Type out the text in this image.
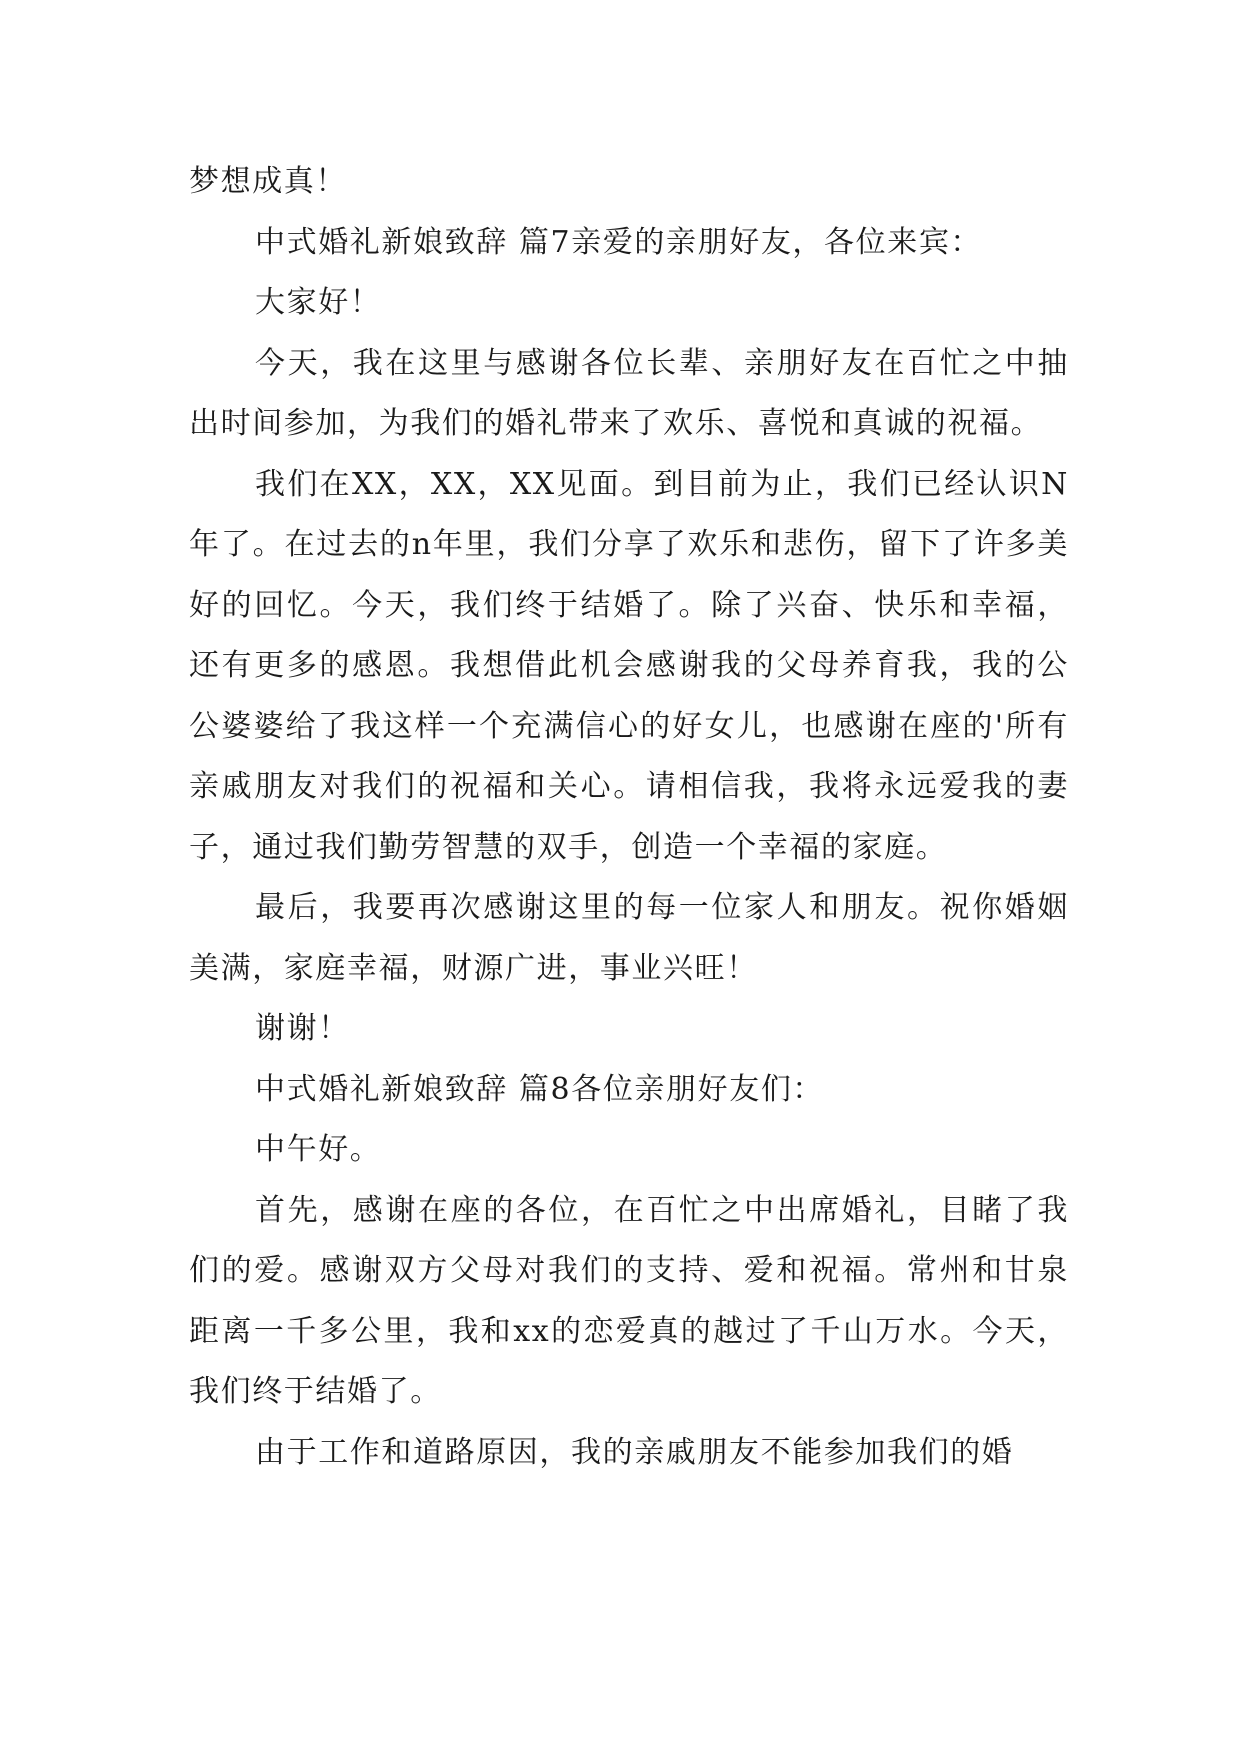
梦想成真！

中式婚礼新娘致辞 篇7亲爱的亲朋好友，各位来宾：

大家好！

今天，我在这里与感谢各位长辈、亲朋好友在百忙之中抽出时间参加，为我们的婚礼带来了欢乐、喜悦和真诚的祝福。

我们在XX，XX，XX见面。到目前为止，我们已经认识N年了。在过去的n年里，我们分享了欢乐和悲伤，留下了许多美好的回忆。今天，我们终于结婚了。除了兴奋、快乐和幸福，还有更多的感恩。我想借此机会感谢我的父母养育我，我的公公婆婆给了我这样一个充满信心的好女儿，也感谢在座的'所有亲戚朋友对我们的祝福和关心。请相信我，我将永远爱我的妻子，通过我们勤劳智慧的双手，创造一个幸福的家庭。

最后，我要再次感谢这里的每一位家人和朋友。祝你婚姻美满，家庭幸福，财源广进，事业兴旺！

谢谢！

中式婚礼新娘致辞 篇8各位亲朋好友们：

中午好。

首先，感谢在座的各位，在百忙之中出席婚礼，目睹了我们的爱。感谢双方父母对我们的支持、爱和祝福。常州和甘泉距离一千多公里，我和xx的恋爱真的越过了千山万水。今天，我们终于结婚了。

由于工作和道路原因，我的亲戚朋友不能参加我们的婚
